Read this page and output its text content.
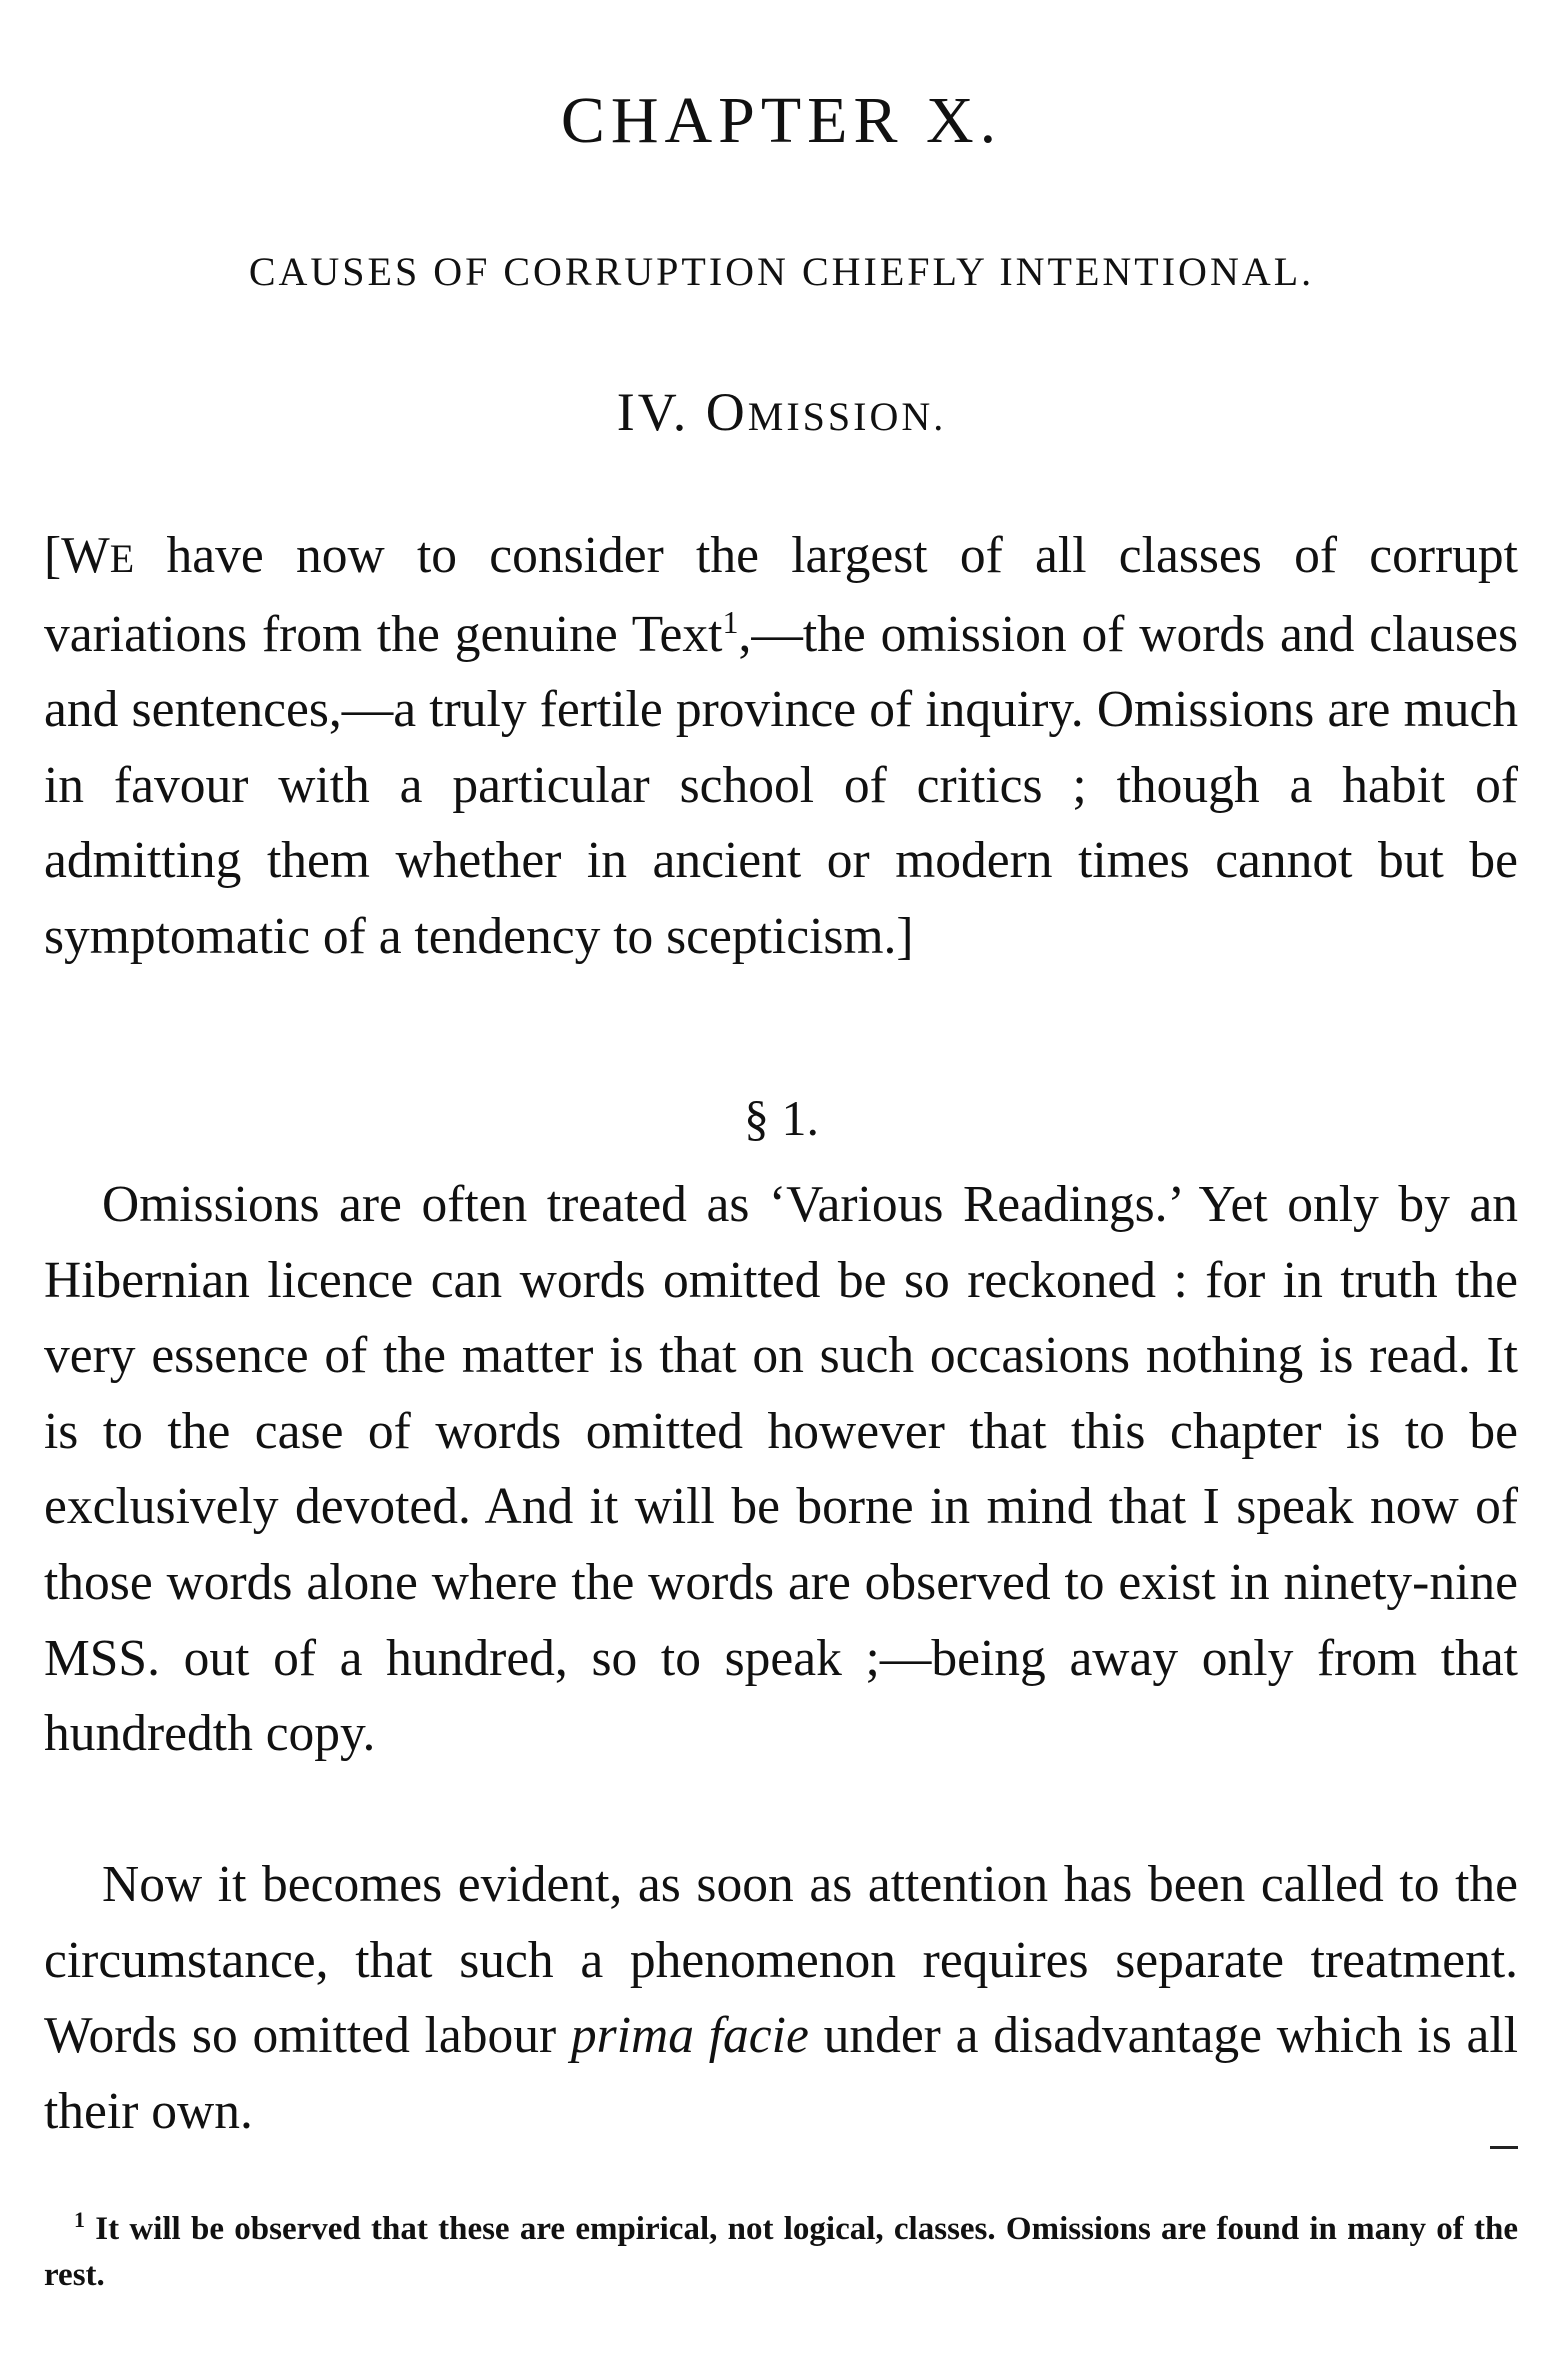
CHAPTER X.
CAUSES OF CORRUPTION CHIEFLY INTENTIONAL.
IV. OMISSION.

[WE have now to consider the largest of all classes of corrupt variations from the genuine Text$^1$,—the omission of words and clauses and sentences,—a truly fertile province of inquiry. Omissions are much in favour with a particular school of critics ; though a habit of admitting them whether in ancient or modern times cannot but be symptomatic of a tendency to scepticism.]

§ 1.

Omissions are often treated as ‘Various Readings.’ Yet only by an Hibernian licence can words omitted be so reckoned : for in truth the very essence of the matter is that on such occasions nothing is read. It is to the case of words omitted however that this chapter is to be exclusively devoted. And it will be borne in mind that I speak now of those words alone where the words are observed to exist in ninety-nine MSS. out of a hundred, so to speak ;—being away only from that hundredth copy.

Now it becomes evident, as soon as attention has been called to the circumstance, that such a phenomenon requires separate treatment. Words so omitted labour prima facie under a disadvantage which is all their own.

$^1$ It will be observed that these are empirical, not logical, classes. Omissions are found in many of the rest.
